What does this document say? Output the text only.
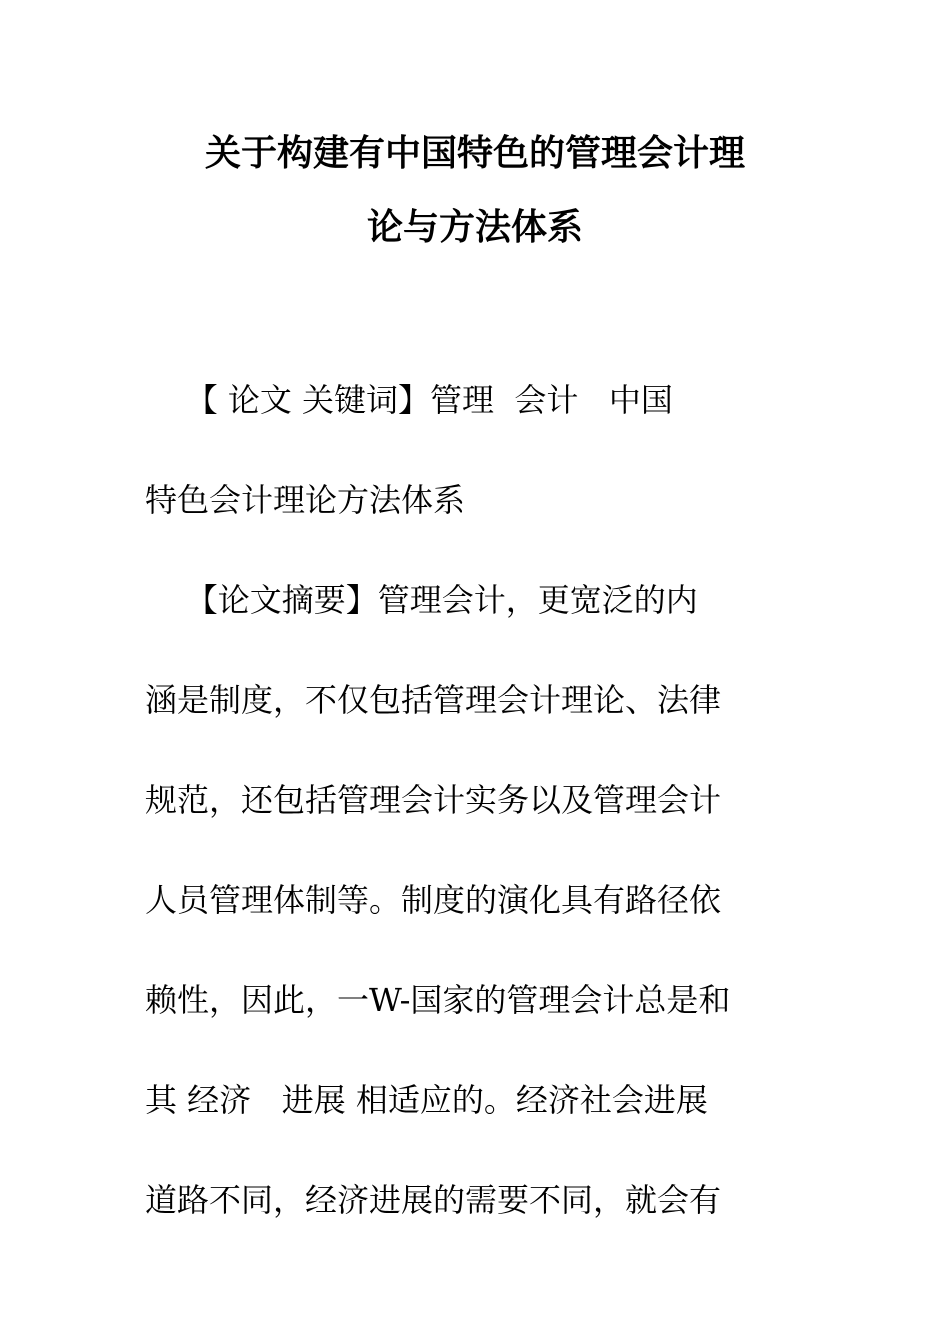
关于构建有中国特色的管理会计理
论与方法体系
【 论文 关键词】管理  会计   中国
特色会计理论方法体系
【论文摘要】管理会计，更宽泛的内
涵是制度，不仅包括管理会计理论、法律
规范，还包括管理会计实务以及管理会计
人员管理体制等。制度的演化具有路径依
赖性，因此，一W-国家的管理会计总是和
其 经济   进展 相适应的。经济社会进展
道路不同，经济进展的需要不同，就会有
